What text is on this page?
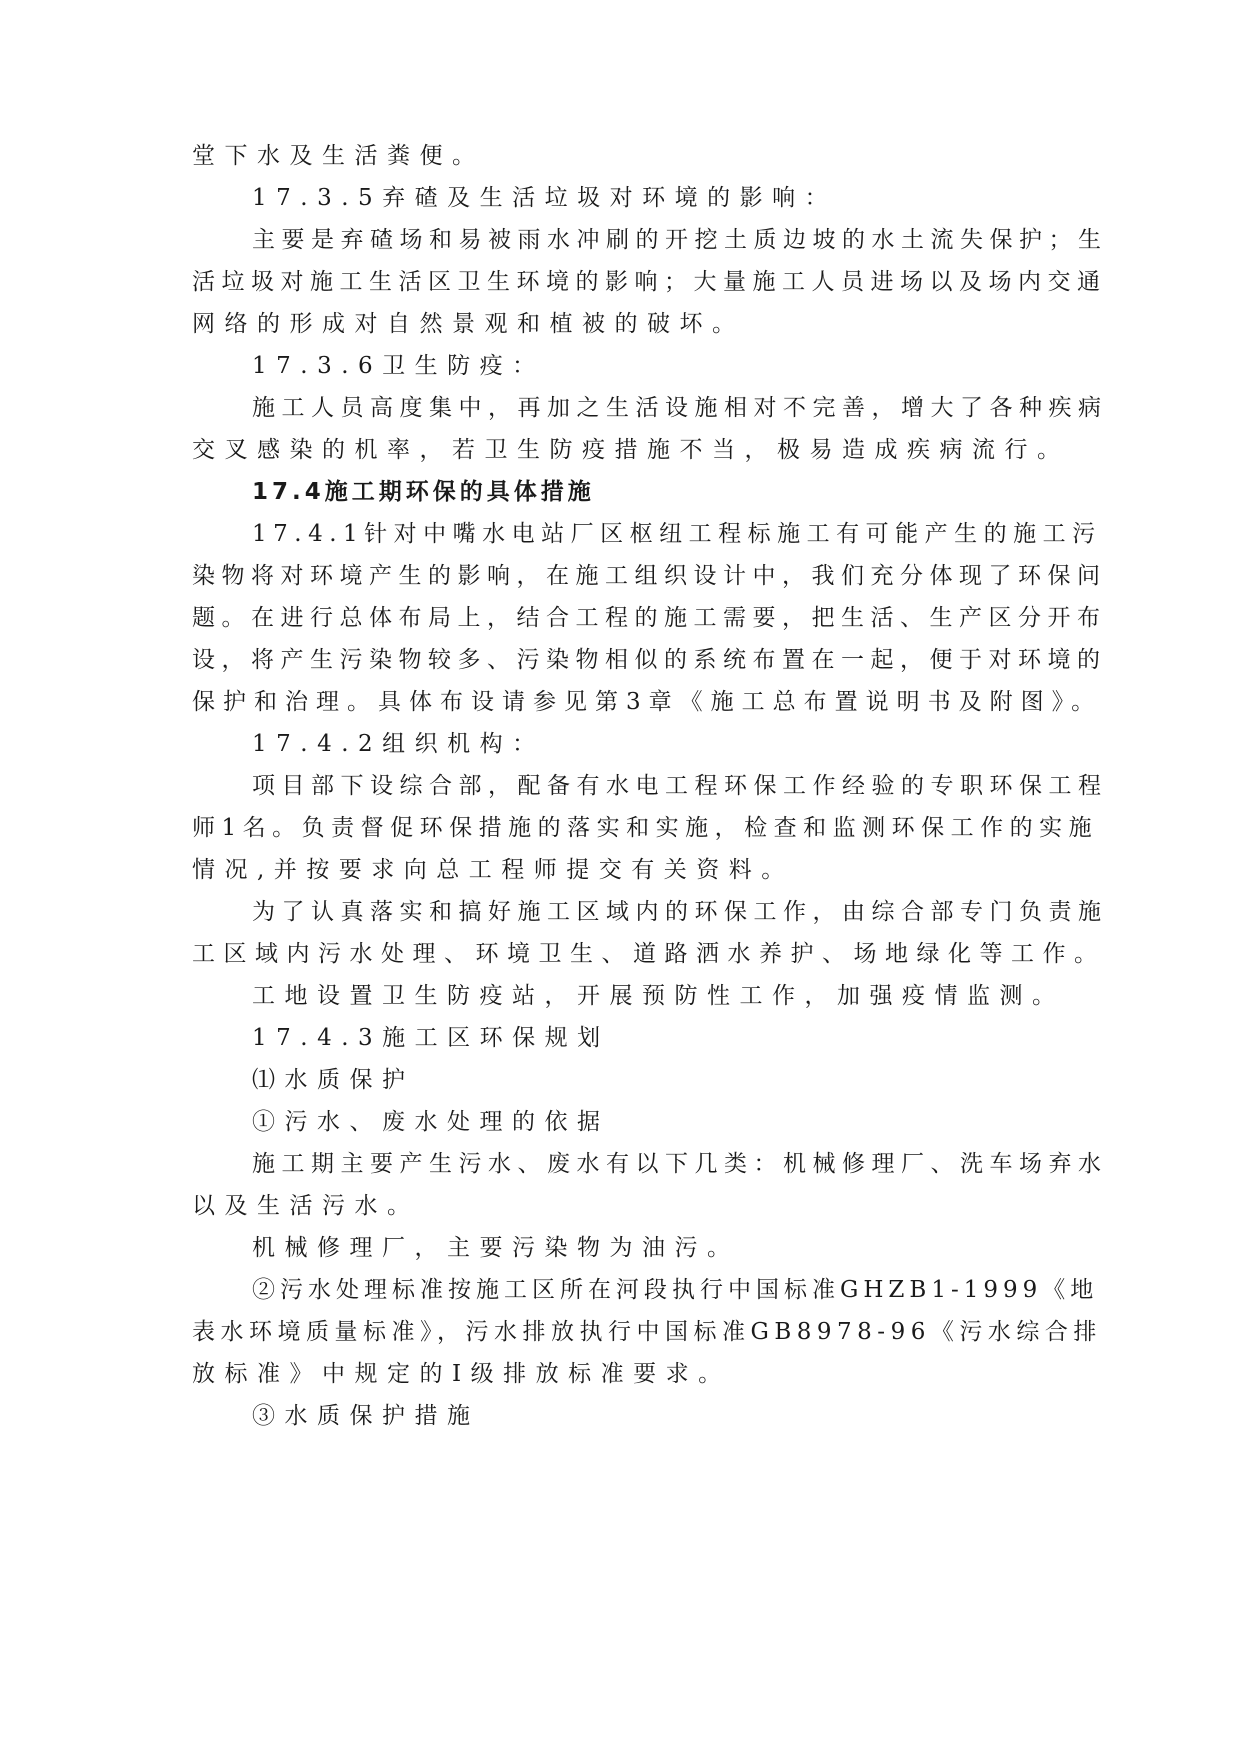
堂下水及生活粪便。
17.3.5弃碴及生活垃圾对环境的影响：
主要是弃碴场和易被雨水冲刷的开挖土质边坡的水土流失保护；生
活垃圾对施工生活区卫生环境的影响；大量施工人员进场以及场内交通
网络的形成对自然景观和植被的破坏。
17.3.6卫生防疫：
施工人员高度集中，再加之生活设施相对不完善，增大了各种疾病
交叉感染的机率，若卫生防疫措施不当，极易造成疾病流行。
17.4施工期环保的具体措施
17.4.1针对中嘴水电站厂区枢纽工程标施工有可能产生的施工污
染物将对环境产生的影响，在施工组织设计中，我们充分体现了环保问
题。在进行总体布局上，结合工程的施工需要，把生活、生产区分开布
设，将产生污染物较多、污染物相似的系统布置在一起，便于对环境的
保护和治理。具体布设请参见第3章《施工总布置说明书及附图》。
17.4.2组织机构：
项目部下设综合部，配备有水电工程环保工作经验的专职环保工程
师1名。负责督促环保措施的落实和实施，检查和监测环保工作的实施
情况,并按要求向总工程师提交有关资料。
为了认真落实和搞好施工区域内的环保工作，由综合部专门负责施
工区域内污水处理、环境卫生、道路洒水养护、场地绿化等工作。
工地设置卫生防疫站，开展预防性工作，加强疫情监测。
17.4.3施工区环保规划
⑴水质保护
①污水、废水处理的依据
施工期主要产生污水、废水有以下几类：机械修理厂、洗车场弃水
以及生活污水。
机械修理厂，主要污染物为油污。
②污水处理标准按施工区所在河段执行中国标准GHZB1-1999《地
表水环境质量标准》，污水排放执行中国标准GB8978-96《污水综合排
放标准》中规定的Ⅰ级排放标准要求。
③水质保护措施
